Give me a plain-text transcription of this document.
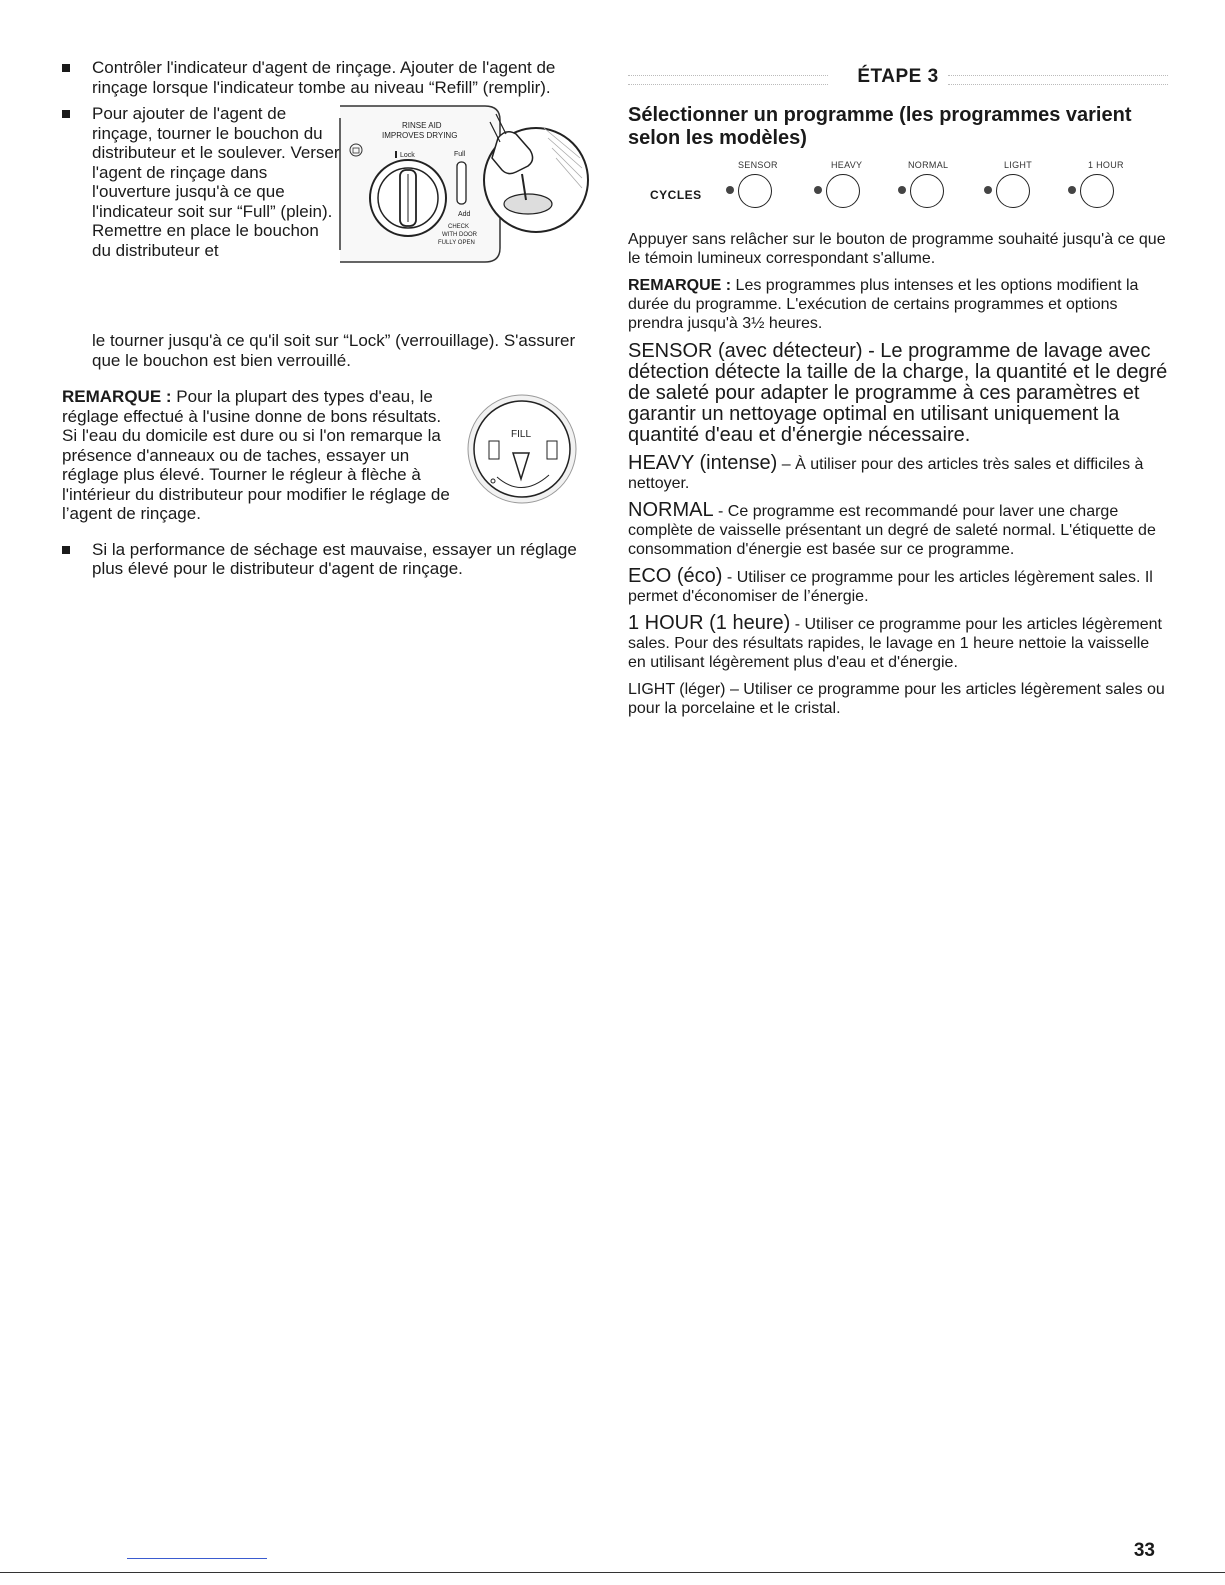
Contrôler l'indicateur d'agent de rinçage. Ajouter de l'agent de rinçage lorsque l'indicateur tombe au niveau “Refill” (remplir).

Pour ajouter de l'agent de rinçage, tourner le bouchon du distributeur et le soulever. Verser l'agent de rinçage dans l'ouverture jusqu'à ce que l'indicateur soit sur “Full” (plein). Remettre en place le bouchon du distributeur et

RINSE AID
IMPROVES DRYING
Lock	Full
Add
CHECK
WITH DOOR
FULLY OPEN

le tourner jusqu'à ce qu'il soit sur “Lock” (verrouillage). S'assurer que le bouchon est bien verrouillé.

REMARQUE : Pour la plupart des types d'eau, le réglage effectué à l'usine donne de bons résultats. Si l'eau du domicile est dure ou si l'on remarque la présence d'anneaux ou de taches, essayer un réglage plus élevé. Tourner le régleur à flèche à l'intérieur du distributeur pour modifier le réglage de l’agent de rinçage.
FILL

Si la performance de séchage est mauvaise, essayer un réglage plus élevé pour le distributeur d'agent de rinçage.

ÉTAPE 3

Sélectionner un programme (les programmes varient selon les modèles)

CYCLES
SENSOR	HEAVY	NORMAL	LIGHT	1 HOUR

Appuyer sans relâcher sur le bouton de programme souhaité jusqu'à ce que le témoin lumineux correspondant s'allume.

REMARQUE : Les programmes plus intenses et les options modifient la durée du programme. L'exécution de certains programmes et options prendra jusqu'à 3½ heures.

SENSOR (avec détecteur) - Le programme de lavage avec détection détecte la taille de la charge, la quantité et le degré de saleté pour adapter le programme à ces paramètres et garantir un nettoyage optimal en utilisant uniquement la quantité d'eau et d'énergie nécessaire.

HEAVY (intense) – À utiliser pour des articles très sales et difficiles à nettoyer.

NORMAL - Ce programme est recommandé pour laver une charge complète de vaisselle présentant un degré de saleté normal. L'étiquette de consommation d'énergie est basée sur ce programme.

ECO (éco) - Utiliser ce programme pour les articles légèrement sales. Il permet d'économiser de l’énergie.

1 HOUR (1 heure) - Utiliser ce programme pour les articles légèrement sales. Pour des résultats rapides, le lavage en 1 heure nettoie la vaisselle en utilisant légèrement plus d'eau et d'énergie.

LIGHT (léger) – Utiliser ce programme pour les articles légèrement sales ou pour la porcelaine et le cristal.

33
